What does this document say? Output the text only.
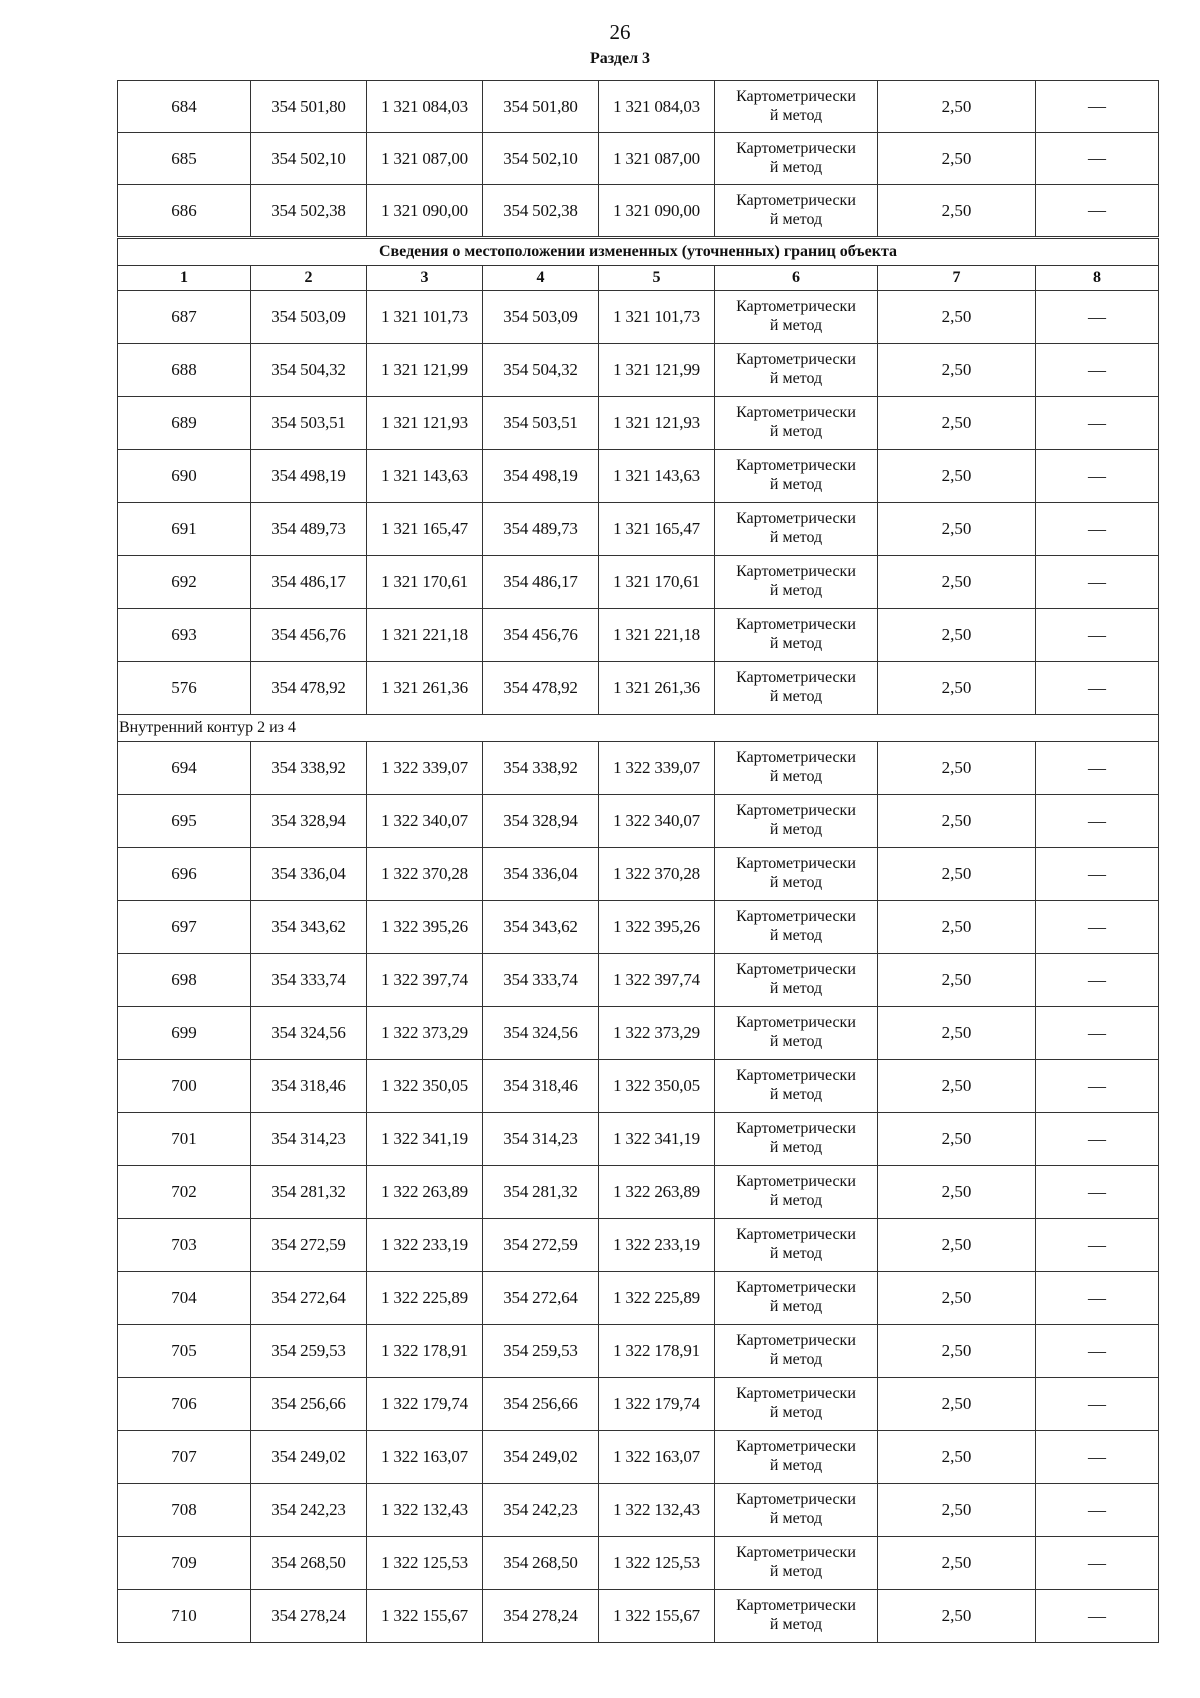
26
Раздел 3
684	354 501,80	1 321 084,03	354 501,80	1 321 084,03	Картометрически
й метод	2,50	—
685	354 502,10	1 321 087,00	354 502,10	1 321 087,00	Картометрически
й метод	2,50	—
686	354 502,38	1 321 090,00	354 502,38	1 321 090,00	Картометрически
й метод	2,50	—
Сведения о местоположении измененных (уточненных) границ объекта							
1	2	3	4	5	6	7	8
687	354 503,09	1 321 101,73	354 503,09	1 321 101,73	Картометрически
й метод	2,50	—
688	354 504,32	1 321 121,99	354 504,32	1 321 121,99	Картометрически
й метод	2,50	—
689	354 503,51	1 321 121,93	354 503,51	1 321 121,93	Картометрически
й метод	2,50	—
690	354 498,19	1 321 143,63	354 498,19	1 321 143,63	Картометрически
й метод	2,50	—
691	354 489,73	1 321 165,47	354 489,73	1 321 165,47	Картометрически
й метод	2,50	—
692	354 486,17	1 321 170,61	354 486,17	1 321 170,61	Картометрически
й метод	2,50	—
693	354 456,76	1 321 221,18	354 456,76	1 321 221,18	Картометрически
й метод	2,50	—
576	354 478,92	1 321 261,36	354 478,92	1 321 261,36	Картометрически
й метод	2,50	—
Внутренний контур 2 из 4							
694	354 338,92	1 322 339,07	354 338,92	1 322 339,07	Картометрически
й метод	2,50	—
695	354 328,94	1 322 340,07	354 328,94	1 322 340,07	Картометрически
й метод	2,50	—
696	354 336,04	1 322 370,28	354 336,04	1 322 370,28	Картометрически
й метод	2,50	—
697	354 343,62	1 322 395,26	354 343,62	1 322 395,26	Картометрически
й метод	2,50	—
698	354 333,74	1 322 397,74	354 333,74	1 322 397,74	Картометрически
й метод	2,50	—
699	354 324,56	1 322 373,29	354 324,56	1 322 373,29	Картометрически
й метод	2,50	—
700	354 318,46	1 322 350,05	354 318,46	1 322 350,05	Картометрически
й метод	2,50	—
701	354 314,23	1 322 341,19	354 314,23	1 322 341,19	Картометрически
й метод	2,50	—
702	354 281,32	1 322 263,89	354 281,32	1 322 263,89	Картометрически
й метод	2,50	—
703	354 272,59	1 322 233,19	354 272,59	1 322 233,19	Картометрически
й метод	2,50	—
704	354 272,64	1 322 225,89	354 272,64	1 322 225,89	Картометрически
й метод	2,50	—
705	354 259,53	1 322 178,91	354 259,53	1 322 178,91	Картометрически
й метод	2,50	—
706	354 256,66	1 322 179,74	354 256,66	1 322 179,74	Картометрически
й метод	2,50	—
707	354 249,02	1 322 163,07	354 249,02	1 322 163,07	Картометрически
й метод	2,50	—
708	354 242,23	1 322 132,43	354 242,23	1 322 132,43	Картометрически
й метод	2,50	—
709	354 268,50	1 322 125,53	354 268,50	1 322 125,53	Картометрически
й метод	2,50	—
710	354 278,24	1 322 155,67	354 278,24	1 322 155,67	Картометрически
й метод	2,50	—
